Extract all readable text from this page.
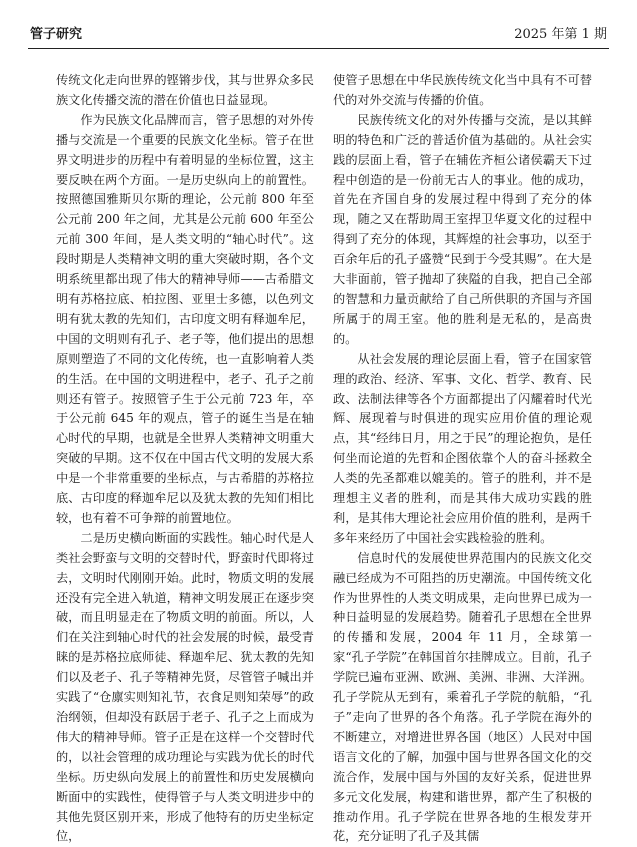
管子研究	2025 年第 1 期

传统文化走向世界的铿锵步伐，其与世界众多民族文化传播交流的潜在价值也日益显现。

作为民族文化品牌而言，管子思想的对外传播与交流是一个重要的民族文化坐标。管子在世界文明进步的历程中有着明显的坐标位置，这主要反映在两个方面。一是历史纵向上的前置性。按照德国雅斯贝尔斯的理论，公元前 800 年至公元前 200 年之间，尤其是公元前 600 年至公元前 300 年间，是人类文明的“轴心时代”。这段时期是人类精神文明的重大突破时期，各个文明系统里都出现了伟大的精神导师——古希腊文明有苏格拉底、柏拉图、亚里士多德，以色列文明有犹太教的先知们，古印度文明有释迦牟尼，中国的文明则有孔子、老子等，他们提出的思想原则塑造了不同的文化传统，也一直影响着人类的生活。在中国的文明进程中，老子、孔子之前则还有管子。按照管子生于公元前 723 年，卒于公元前 645 年的观点，管子的诞生当是在轴心时代的早期，也就是全世界人类精神文明重大突破的早期。这不仅在中国古代文明的发展大系中是一个非常重要的坐标点，与古希腊的苏格拉底、古印度的释迦牟尼以及犹太教的先知们相比较，也有着不可争辩的前置地位。

二是历史横向断面的实践性。轴心时代是人类社会野蛮与文明的交替时代，野蛮时代即将过去，文明时代刚刚开始。此时，物质文明的发展还没有完全进入轨道，精神文明发展正在逐步突破，而且明显走在了物质文明的前面。所以，人们在关注到轴心时代的社会发展的时候，最受青睐的是苏格拉底师徒、释迦牟尼、犹太教的先知们以及老子、孔子等精神先贤，尽管管子喊出并实践了“仓廪实则知礼节，衣食足则知荣辱”的政治纲领，但却没有跃居于老子、孔子之上而成为伟大的精神导师。管子正是在这样一个交替时代的，以社会管理的成功理论与实践为优长的时代坐标。历史纵向发展上的前置性和历史发展横向断面中的实践性，使得管子与人类文明进步中的其他先贤区别开来，形成了他特有的历史坐标定位，

使管子思想在中华民族传统文化当中具有不可替代的对外交流与传播的价值。

民族传统文化的对外传播与交流，是以其鲜明的特色和广泛的普适价值为基础的。从社会实践的层面上看，管子在辅佐齐桓公诸侯霸天下过程中创造的是一份前无古人的事业。他的成功，首先在齐国自身的发展过程中得到了充分的体现，随之又在帮助周王室捍卫华夏文化的过程中得到了充分的体现，其辉煌的社会事功，以至于百余年后的孔子盛赞“民到于今受其赐”。在大是大非面前，管子抛却了狭隘的自我，把自己全部的智慧和力量贡献给了自己所供职的齐国与齐国所属于的周王室。他的胜利是无私的，是高贵的。

从社会发展的理论层面上看，管子在国家管理的政治、经济、军事、文化、哲学、教育、民政、法制法律等各个方面都提出了闪耀着时代光辉、展现着与时俱进的现实应用价值的理论观点，其“经纬日月，用之于民”的理论抱负，是任何坐而论道的先哲和企图依靠个人的奋斗拯救全人类的先圣都难以媲美的。管子的胜利，并不是理想主义者的胜利，而是其伟大成功实践的胜利，是其伟大理论社会应用价值的胜利，是两千多年来经历了中国社会实践检验的胜利。

信息时代的发展使世界范围内的民族文化交融已经成为不可阻挡的历史潮流。中国传统文化作为世界性的人类文明成果，走向世界已成为一种日益明显的发展趋势。随着孔子思想在全世界的传播和发展，2004 年 11 月，全球第一家“孔子学院”在韩国首尔挂牌成立。目前，孔子学院已遍布亚洲、欧洲、美洲、非洲、大洋洲。孔子学院从无到有，乘着孔子学院的航船，“孔子”走向了世界的各个角落。孔子学院在海外的不断建立，对增进世界各国（地区）人民对中国语言文化的了解，加强中国与世界各国文化的交流合作，发展中国与外国的友好关系，促进世界多元文化发展，构建和谐世界，都产生了积极的推动作用。孔子学院在世界各地的生根发芽开花，充分证明了孔子及其儒
